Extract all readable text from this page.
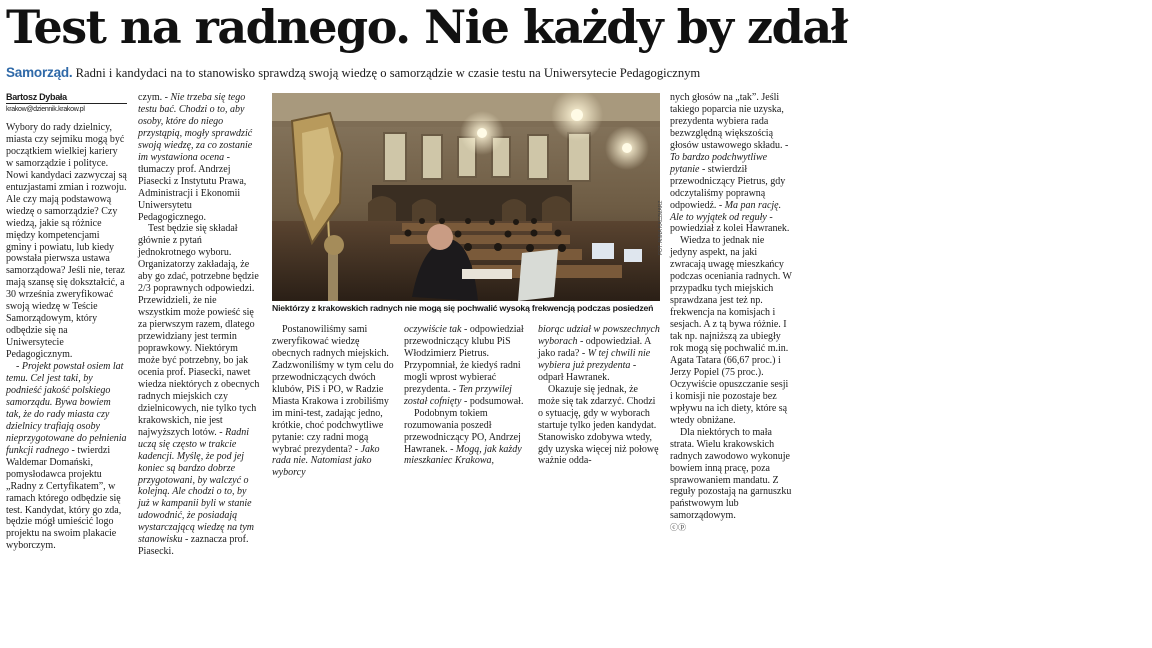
Test na radnego. Nie każdy by zdał
Samorząd. Radni i kandydaci na to stanowisko sprawdzą swoją wiedzę o samorządzie w czasie testu na Uniwersytecie Pedagogicznym
Bartosz Dybała
krakow@dziennik.krakow.pl

Wybory do rady dzielnicy, miasta czy sejmiku mogą być początkiem wielkiej kariery w samorządzie i polityce. Nowi kandydaci zazwyczaj są entuzjastami zmian i rozwoju. Ale czy mają podstawową wiedzę o samorządzie? Czy wiedzą, jakie są różnice między kompetencjami gminy i powiatu, lub kiedy powstała pierwsza ustawa samorządowa? Jeśli nie, teraz mają szansę się dokształcić, a 30 września zweryfikować swoją wiedzę w Teście Samorządowym, który odbędzie się na Uniwersytecie Pedagogicznym.

- Projekt powstał osiem lat temu. Cel jest taki, by podnieść jakość polskiego samorządu. Bywa bowiem tak, że do rady miasta czy dzielnicy trafiają osoby nieprzygotowane do pełnienia funkcji radnego - twierdzi Waldemar Domański, pomysłodawca projektu „Radny z Certyfikatem”, w ramach którego odbędzie się test. Kandydat, który go zda, będzie mógł umieścić logo projektu na swoim plakacie wyborczym.

czym. - Nie trzeba się tego testu bać. Chodzi o to, aby osoby, które do niego przystąpią, mogły sprawdzić swoją wiedzę, za co zostanie im wystawiona ocena - tłumaczy prof. Andrzej Piasecki z Instytutu Prawa, Administracji i Ekonomii Uniwersytetu Pedagogicznego.

Test będzie się składał głównie z pytań jednokrotnego wyboru. Organizatorzy zakładają, że aby go zdać, potrzebne będzie 2/3 poprawnych odpowiedzi. Przewidzieli, że nie wszystkim może powieść się za pierwszym razem, dlatego przewidziany jest termin poprawkowy. Niektórym może być potrzebny, bo jak ocenia prof. Piasecki, nawet wiedza niektórych z obecnych radnych miejskich czy dzielnicowych, nie tylko tych krakowskich, nie jest najwyższych lotów. - Radni uczą się często w trakcie kadencji. Myślę, że pod jej koniec są bardzo dobrze przygotowani, by walczyć o kolejną. Ale chodzi o to, by już w kampanii byli w stanie udowodnić, że posiadają wystarczającą wiedzę na tym stanowisku - zaznacza prof. Piasecki.

FOT. ANNA KACZMARZ
Niektórzy z krakowskich radnych nie mogą się pochwalić wysoką frekwencją podczas posiedzeń

Postanowiliśmy sami zweryfikować wiedzę obecnych radnych miejskich. Zadzwoniliśmy w tym celu do przewodniczących dwóch klubów, PiS i PO, w Radzie Miasta Krakowa i zrobiliśmy im mini-test, zadając jedno, krótkie, choć podchwytliwe pytanie: czy radni mogą wybrać prezydenta? - Jako rada nie. Natomiast jako wyborcy

oczywiście tak - odpowiedział przewodniczący klubu PiS Włodzimierz Pietrus. Przypomniał, że kiedyś radni mogli wprost wybierać prezydenta. - Ten przywilej został cofnięty - podsumował.

Podobnym tokiem rozumowania poszedł przewodniczący PO, Andrzej Hawranek. - Mogą, jak każdy mieszkaniec Krakowa,

biorąc udział w powszechnych wyborach - odpowiedział. A jako rada? - W tej chwili nie wybiera już prezydenta - odparł Hawranek.

Okazuje się jednak, że może się tak zdarzyć. Chodzi o sytuację, gdy w wyborach startuje tylko jeden kandydat. Stanowisko zdobywa wtedy, gdy uzyska więcej niż połowę ważnie odda-

nych głosów na „tak”. Jeśli takiego poparcia nie uzyska, prezydenta wybiera rada bezwzględną większością głosów ustawowego składu. - To bardzo podchwytliwe pytanie - stwierdził przewodniczący Pietrus, gdy odczytaliśmy poprawną odpowiedź. - Ma pan rację. Ale to wyjątek od reguły - powiedział z kolei Hawranek.

Wiedza to jednak nie jedyny aspekt, na jaki zwracają uwagę mieszkańcy podczas oceniania radnych. W przypadku tych miejskich sprawdzana jest też np. frekwencja na komisjach i sesjach. A z tą bywa różnie. I tak np. najniższą za ubiegły rok mogą się pochwalić m.in. Agata Tatara (66,67 proc.) i Jerzy Popiel (75 proc.). Oczywiście opuszczanie sesji i komisji nie pozostaje bez wpływu na ich diety, które są wtedy obniżane.

Dla niektórych to mała strata. Wielu krakowskich radnych zawodowo wykonuje bowiem inną pracę, poza sprawowaniem mandatu. Z reguły pozostają na garnuszku państwowym lub samorządowym.

ⓒⓟ
